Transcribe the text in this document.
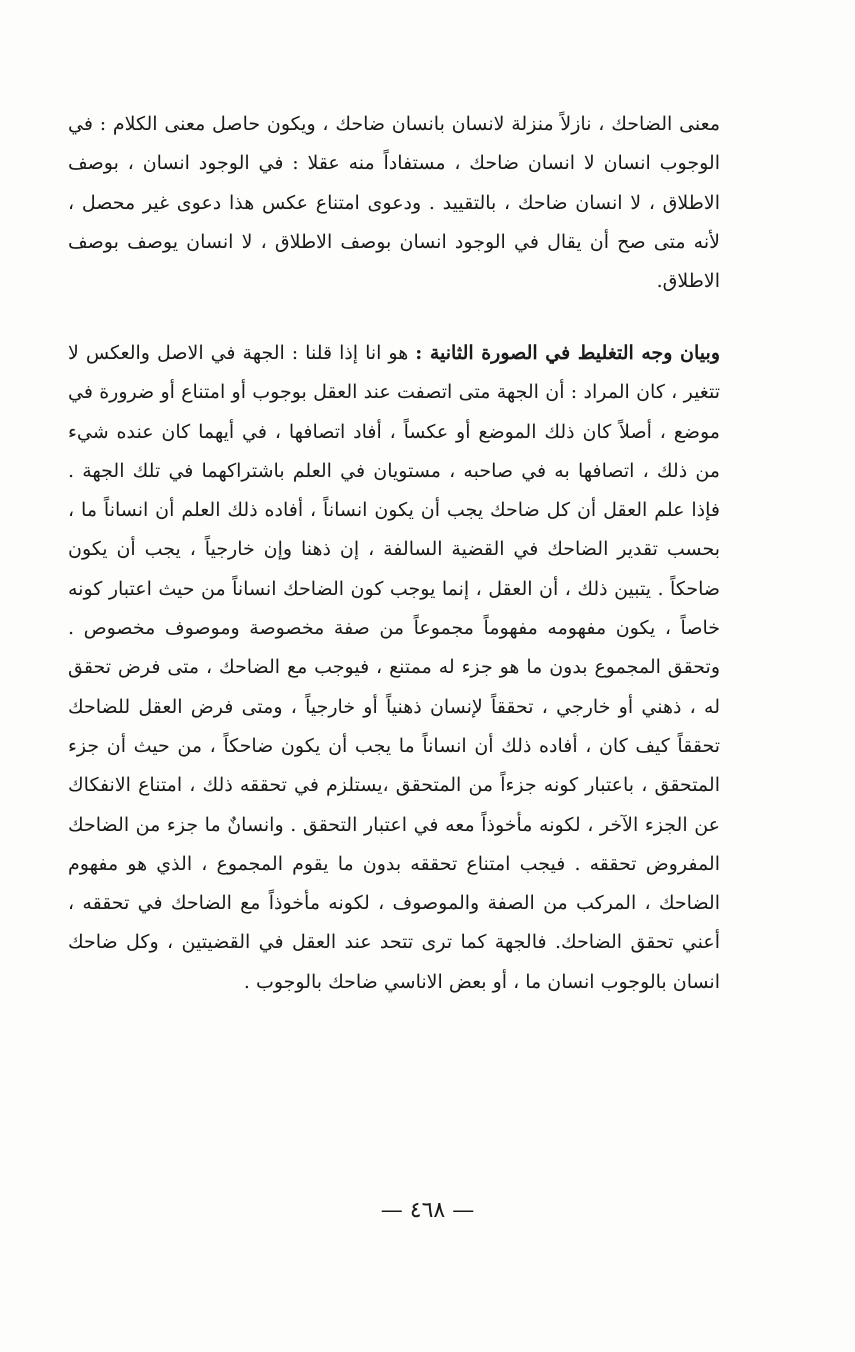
معنى الضاحك ، نازلاً منزلة لانسان بانسان ضاحك ، ويكون حاصل معنى الكلام : في الوجوب انسان لا انسان ضاحك ، مستفاداً منه عقلا : في الوجود انسان ، بوصف الاطلاق ، لا انسان ضاحك ، بالتقييد . ودعوى امتناع عكس هذا دعوى غير محصل ، لأنه متى صح أن يقال في الوجود انسان بوصف الاطلاق ، لا انسان يوصف بوصف الاطلاق.
وبيان وجه التغليط في الصورة الثانية : هو انا إذا قلنا : الجهة في الاصل والعكس لا تتغير ، كان المراد : أن الجهة متى اتصفت عند العقل بوجوب أو امتناع أو ضرورة في موضع ، أصلاً كان ذلك الموضع أو عكساً ، أفاد اتصافها ، في أيهما كان عنده شيء من ذلك ، اتصافها به في صاحبه ، مستويان في العلم باشتراكهما في تلك الجهة . فإذا علم العقل أن كل ضاحك يجب أن يكون انساناً ، أفاده ذلك العلم أن انساناً ما ، بحسب تقدير الضاحك في القضية السالفة ، إن ذهنا وإن خارجياً ، يجب أن يكون ضاحكاً . يتبين ذلك ، أن العقل ، إنما يوجب كون الضاحك انساناً من حيث اعتبار كونه خاصاً ، يكون مفهومه مفهوماً مجموعاً من صفة مخصوصة وموصوف مخصوص . وتحقق المجموع بدون ما هو جزء له ممتنع ، فيوجب مع الضاحك ، متى فرض تحقق له ، ذهني أو خارجي ، تحققاً لإنسان ذهنياً أو خارجياً ، ومتى فرض العقل للضاحك تحققاً كيف كان ، أفاده ذلك أن انساناً ما يجب أن يكون ضاحكاً ، من حيث أن جزء المتحقق ، باعتبار كونه جزءاً من المتحقق ،يستلزم في تحققه ذلك ، امتناع الانفكاك عن الجزء الآخر ، لكونه مأخوذاً معه في اعتبار التحقق . وانسانٌ ما جزء من الضاحك المفروض تحققه . فيجب امتناع تحققه بدون ما يقوم المجموع ، الذي هو مفهوم الضاحك ، المركب من الصفة والموصوف ، لكونه مأخوذاً مع الضاحك في تحققه ، أعني تحقق الضاحك. فالجهة كما ترى تتحد عند العقل في القضيتين ، وكل ضاحك انسان بالوجوب انسان ما ، أو بعض الاناسي ضاحك بالوجوب .
— ٤٦٨ —
